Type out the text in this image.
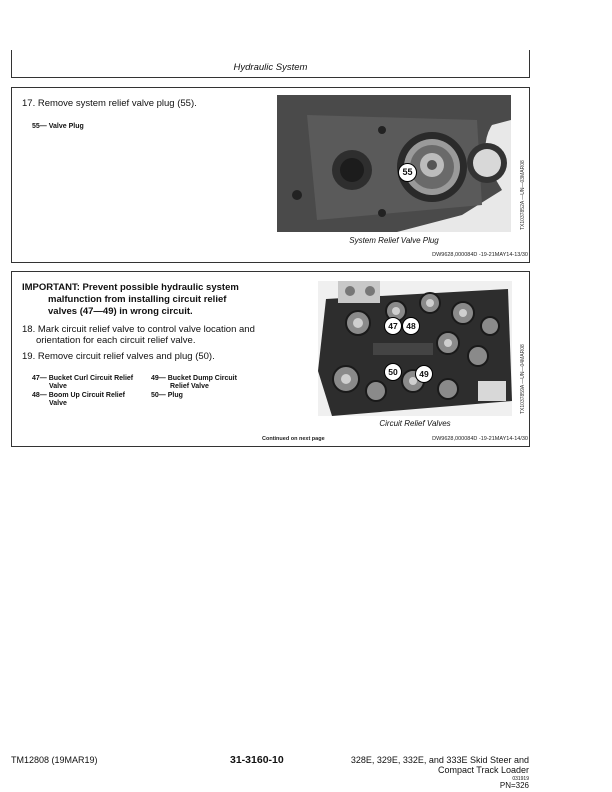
Hydraulic System
17. Remove system relief valve plug (55).
55— Valve Plug
55	TX1037852A —UN—03MAR08
System Relief Valve Plug
DW9628,000084D -19-21MAY14-13/30
IMPORTANT: Prevent possible hydraulic system
malfunction from installing circuit relief
valves (47—49) in wrong circuit.
18. Mark circuit relief valve to control valve location and
orientation for each circuit relief valve.
19. Remove circuit relief valves and plug (50).
47— Bucket Curl Circuit Relief
Valve
48— Boom Up Circuit Relief
Valve
49— Bucket Dump Circuit
Relief Valve
50— Plug
47	48
50	49	TX1037859A —UN—04MAR08
Circuit Relief Valves
Continued on next page	DW9628,000084D -19-21MAY14-14/30
TM12808 (19MAR19)	31-3160-10	328E, 329E, 332E, and 333E Skid Steer and
Compact Track Loader
031919
PN=326
